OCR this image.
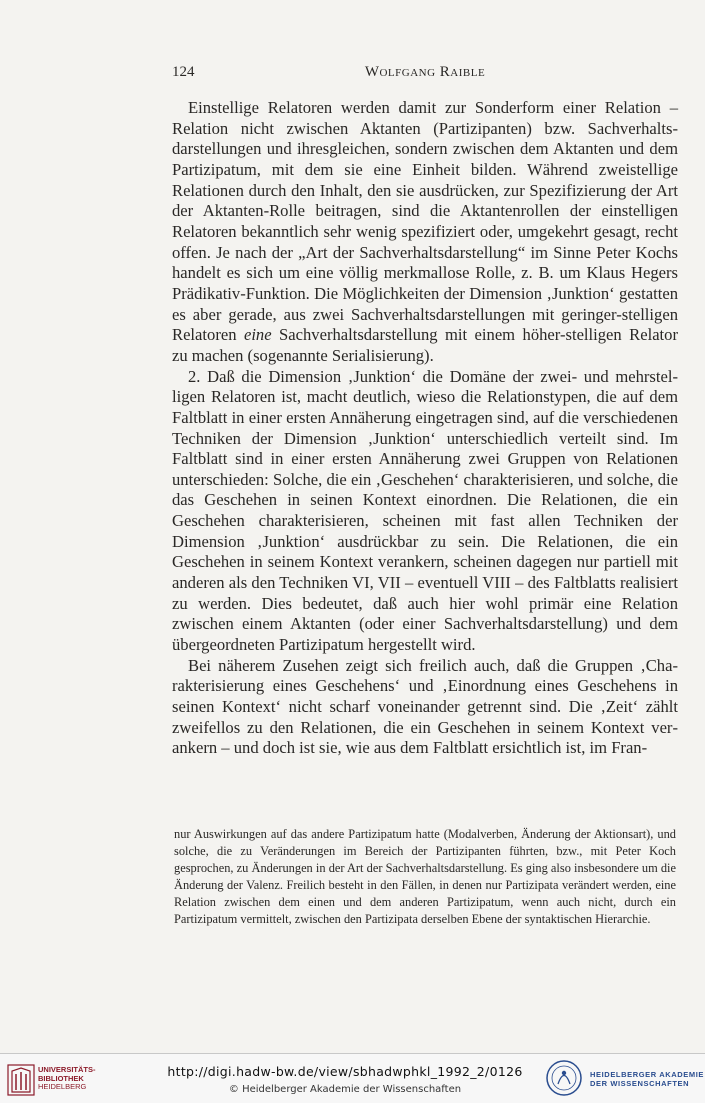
124	Wolfgang Raible

Einstellige Relatoren werden damit zur Sonderform einer Relation – Relation nicht zwischen Aktanten (Partizipanten) bzw. Sachverhaltsdarstellungen und ihresgleichen, sondern zwischen dem Aktanten und dem Partizipatum, mit dem sie eine Einheit bilden. Während zweistellige Relationen durch den Inhalt, den sie ausdrücken, zur Spezifizierung der Art der Aktanten-Rolle beitragen, sind die Aktantenrollen der einstelligen Relatoren bekanntlich sehr wenig spezifiziert oder, umgekehrt gesagt, recht offen. Je nach der „Art der Sachverhaltsdarstellung“ im Sinne Peter Kochs handelt es sich um eine völlig merkmallose Rolle, z. B. um Klaus Hegers Prädikativ-Funktion. Die Möglichkeiten der Dimension ‚Junktion‘ gestatten es aber gerade, aus zwei Sachverhaltsdarstellungen mit geringer-stelligen Relatoren eine Sachverhaltsdarstellung mit einem höher-stelligen Relator zu machen (sogenannte Serialisierung).

2. Daß die Dimension ‚Junktion‘ die Domäne der zwei- und mehrstelligen Relatoren ist, macht deutlich, wieso die Relationstypen, die auf dem Faltblatt in einer ersten Annäherung eingetragen sind, auf die verschiedenen Techniken der Dimension ‚Junktion‘ unterschiedlich verteilt sind. Im Faltblatt sind in einer ersten Annäherung zwei Gruppen von Relationen unterschieden: Solche, die ein ‚Geschehen‘ charakterisieren, und solche, die das Geschehen in seinen Kontext einordnen. Die Relationen, die ein Geschehen charakterisieren, scheinen mit fast allen Techniken der Dimension ‚Junktion‘ ausdrückbar zu sein. Die Relationen, die ein Geschehen in seinem Kontext verankern, scheinen dagegen nur partiell mit anderen als den Techniken VI, VII – eventuell VIII – des Faltblatts realisiert zu werden. Dies bedeutet, daß auch hier wohl primär eine Relation zwischen einem Aktanten (oder einer Sachverhaltsdarstellung) und dem übergeordneten Partizipatum hergestellt wird.

Bei näherem Zusehen zeigt sich freilich auch, daß die Gruppen ‚Charakterisierung eines Geschehens‘ und ‚Einordnung eines Geschehens in seinen Kontext‘ nicht scharf voneinander getrennt sind. Die ‚Zeit‘ zählt zweifellos zu den Relationen, die ein Geschehen in seinem Kontext verankern – und doch ist sie, wie aus dem Faltblatt ersichtlich ist, im Fran-

nur Auswirkungen auf das andere Partizipatum hatte (Modalverben, Änderung der Aktionsart), und solche, die zu Veränderungen im Bereich der Partizipanten führten, bzw., mit Peter Koch gesprochen, zu Änderungen in der Art der Sachverhaltsdarstellung. Es ging also insbesondere um die Änderung der Valenz. Freilich besteht in den Fällen, in denen nur Partizipata verändert werden, eine Relation zwischen dem einen und dem anderen Partizipatum, wenn auch nicht, durch ein Partizipatum vermittelt, zwischen den Partizipata derselben Ebene der syntaktischen Hierarchie.
UNIVERSITÄTS-
BIBLIOTHEK
HEIDELBERG
http://digi.hadw-bw.de/view/sbhadwphkl_1992_2/0126
© Heidelberger Akademie der Wissenschaften
HEIDELBERGER AKADEMIE
DER WISSENSCHAFTEN
